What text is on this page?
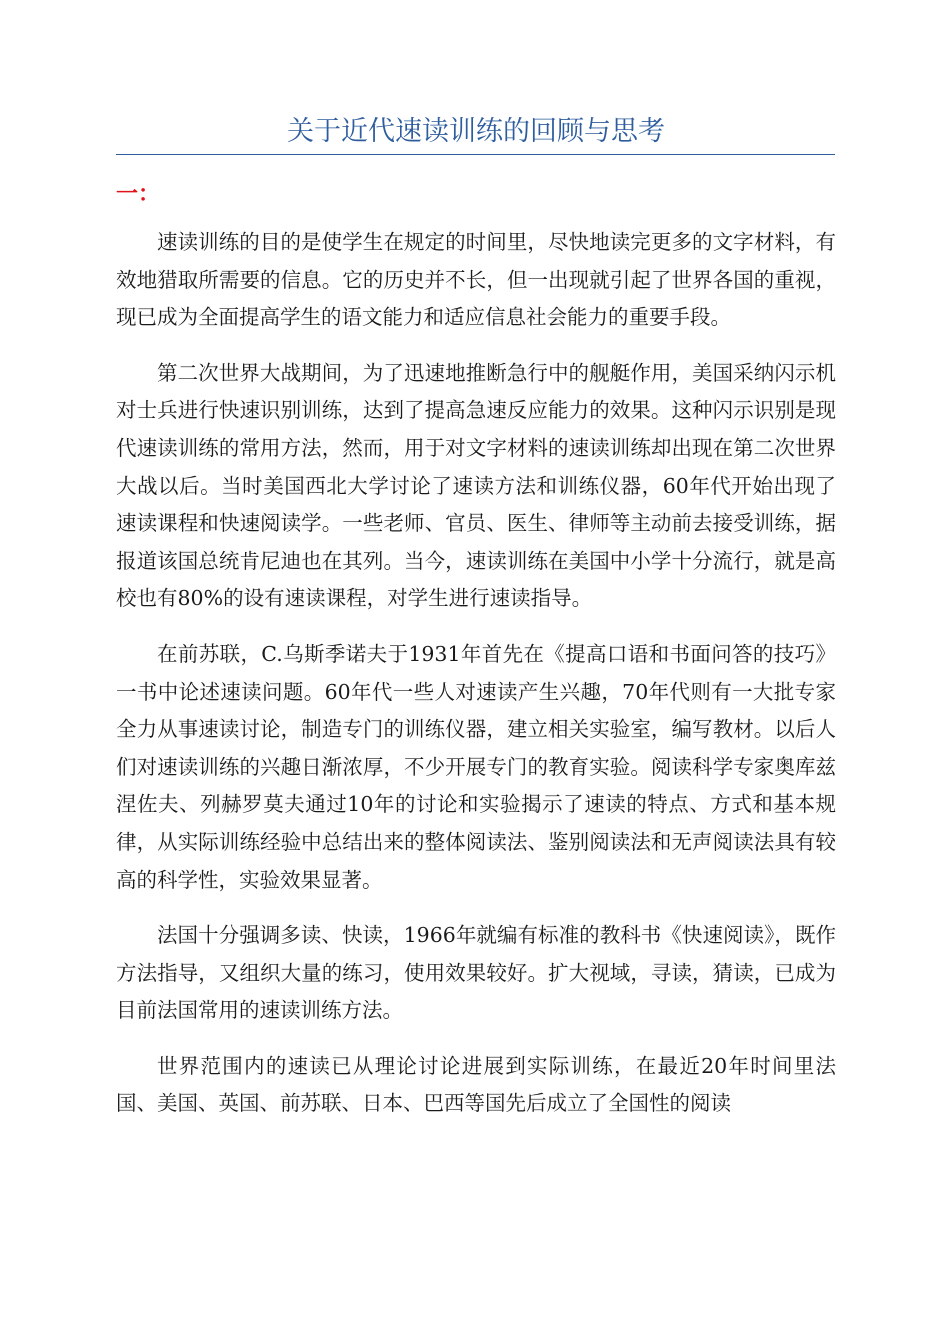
关于近代速读训练的回顾与思考
一：

速读训练的目的是使学生在规定的时间里，尽快地读完更多的文字材料，有效地猎取所需要的信息。它的历史并不长，但一出现就引起了世界各国的重视，现已成为全面提高学生的语文能力和适应信息社会能力的重要手段。

第二次世界大战期间，为了迅速地推断急行中的舰艇作用，美国采纳闪示机对士兵进行快速识别训练，达到了提高急速反应能力的效果。这种闪示识别是现代速读训练的常用方法，然而，用于对文字材料的速读训练却出现在第二次世界大战以后。当时美国西北大学讨论了速读方法和训练仪器，60年代开始出现了速读课程和快速阅读学。一些老师、官员、医生、律师等主动前去接受训练，据报道该国总统肯尼迪也在其列。当今，速读训练在美国中小学十分流行，就是高校也有80%的设有速读课程，对学生进行速读指导。

在前苏联，C.乌斯季诺夫于1931年首先在《提高口语和书面问答的技巧》一书中论述速读问题。60年代一些人对速读产生兴趣，70年代则有一大批专家全力从事速读讨论，制造专门的训练仪器，建立相关实验室，编写教材。以后人们对速读训练的兴趣日渐浓厚，不少开展专门的教育实验。阅读科学专家奥库兹涅佐夫、列赫罗莫夫通过10年的讨论和实验揭示了速读的特点、方式和基本规律，从实际训练经验中总结出来的整体阅读法、鉴别阅读法和无声阅读法具有较高的科学性，实验效果显著。

法国十分强调多读、快读，1966年就编有标准的教科书《快速阅读》，既作方法指导，又组织大量的练习，使用效果较好。扩大视域，寻读，猜读，已成为目前法国常用的速读训练方法。

世界范围内的速读已从理论讨论进展到实际训练，在最近20年时间里法国、美国、英国、前苏联、日本、巴西等国先后成立了全国性的阅读
